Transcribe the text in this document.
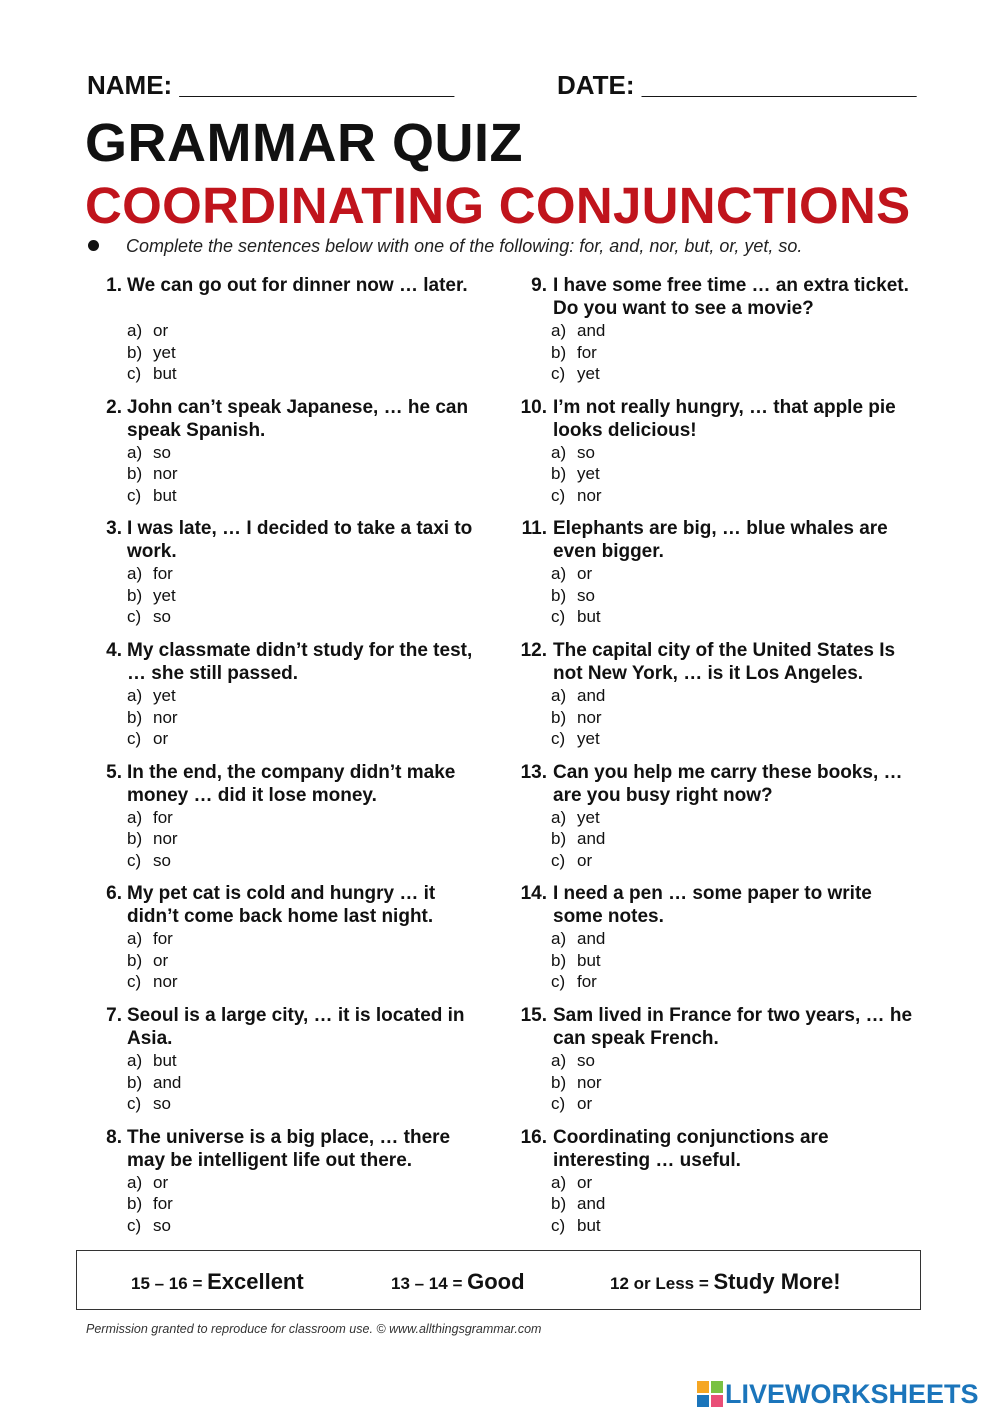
NAME: ___________________	DATE: ___________________
GRAMMAR QUIZ
COORDINATING CONJUNCTIONS
Complete the sentences below with one of the following: for, and, nor, but, or, yet, so.
1. We can go out for dinner now … later.
a) or
b) yet
c) but
2. John can’t speak Japanese, … he can speak Spanish.
a) so
b) nor
c) but
3. I was late, … I decided to take a taxi to work.
a) for
b) yet
c) so
4. My classmate didn’t study for the test, … she still passed.
a) yet
b) nor
c) or
5. In the end, the company didn’t make money … did it lose money.
a) for
b) nor
c) so
6. My pet cat is cold and hungry … it didn’t come back home last night.
a) for
b) or
c) nor
7. Seoul is a large city, … it is located in Asia.
a) but
b) and
c) so
8. The universe is a big place, … there may be intelligent life out there.
a) or
b) for
c) so
9. I have some free time … an extra ticket. Do you want to see a movie?
a) and
b) for
c) yet
10. I’m not really hungry, … that apple pie looks delicious!
a) so
b) yet
c) nor
11. Elephants are big, … blue whales are even bigger.
a) or
b) so
c) but
12. The capital city of the United States Is not New York, … is it Los Angeles.
a) and
b) nor
c) yet
13. Can you help me carry these books, … are you busy right now?
a) yet
b) and
c) or
14. I need a pen … some paper to write some notes.
a) and
b) but
c) for
15. Sam lived in France for two years, … he can speak French.
a) so
b) nor
c) or
16. Coordinating conjunctions are interesting … useful.
a) or
b) and
c) but
15 – 16 = Excellent	13 – 14 = Good	12 or Less = Study More!
Permission granted to reproduce for classroom use. © www.allthingsgrammar.com
LIVEWORKSHEETS
